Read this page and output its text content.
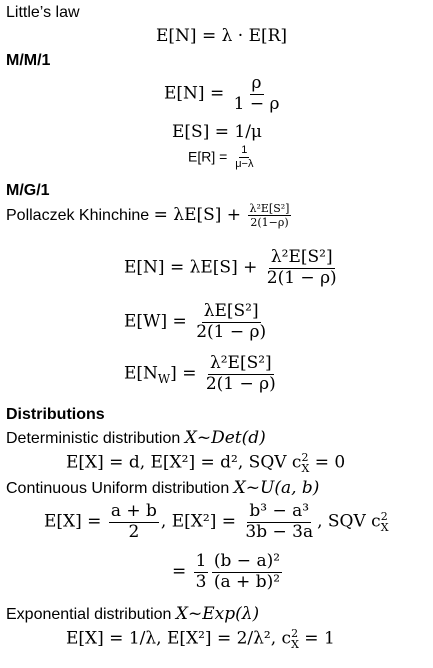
Little’s law
E[N] = λ · E[R]
M/M/1
$E[N] = \frac{\rho}{1 - \rho}$
E[S] = 1/μ
$E[R] = \frac{1}{\mu-\lambda}$
M/G/1
Pollaczek Khinchine = $\lambda E[S] + \frac{\text{λ²E[S²]}}{2(1-\rho)}$
$E[N] = \lambda E[S] + \frac{\text{λ²E[S²]}}{2(1 - \rho)}$
$E[W] = \frac{\text{λE[S²]}}{2(1 - \rho)}$
$E[N_W] = \frac{\text{λ²E[S²]}}{2(1 - \rho)}$
Distributions
Deterministic distribution X~Det(d)
E[X] = d, E[X²] = d², SQV c 2
X = 0
Continuous Uniform distribution X~U(a, b)
$E[X] = \frac{a + b}{2}$ , $E[X^2] = \frac{\text{b³ − a³}}{3b - 3a}$ , SQV c 2
X
= $\frac{1}{3}$
$\frac{\text{(b − a)²}}{\text{(a + b)²}}$
Exponential distribution X~Exp(λ)
E[X] = 1/λ, E[X²] = 2/λ², c 2
X = 1
